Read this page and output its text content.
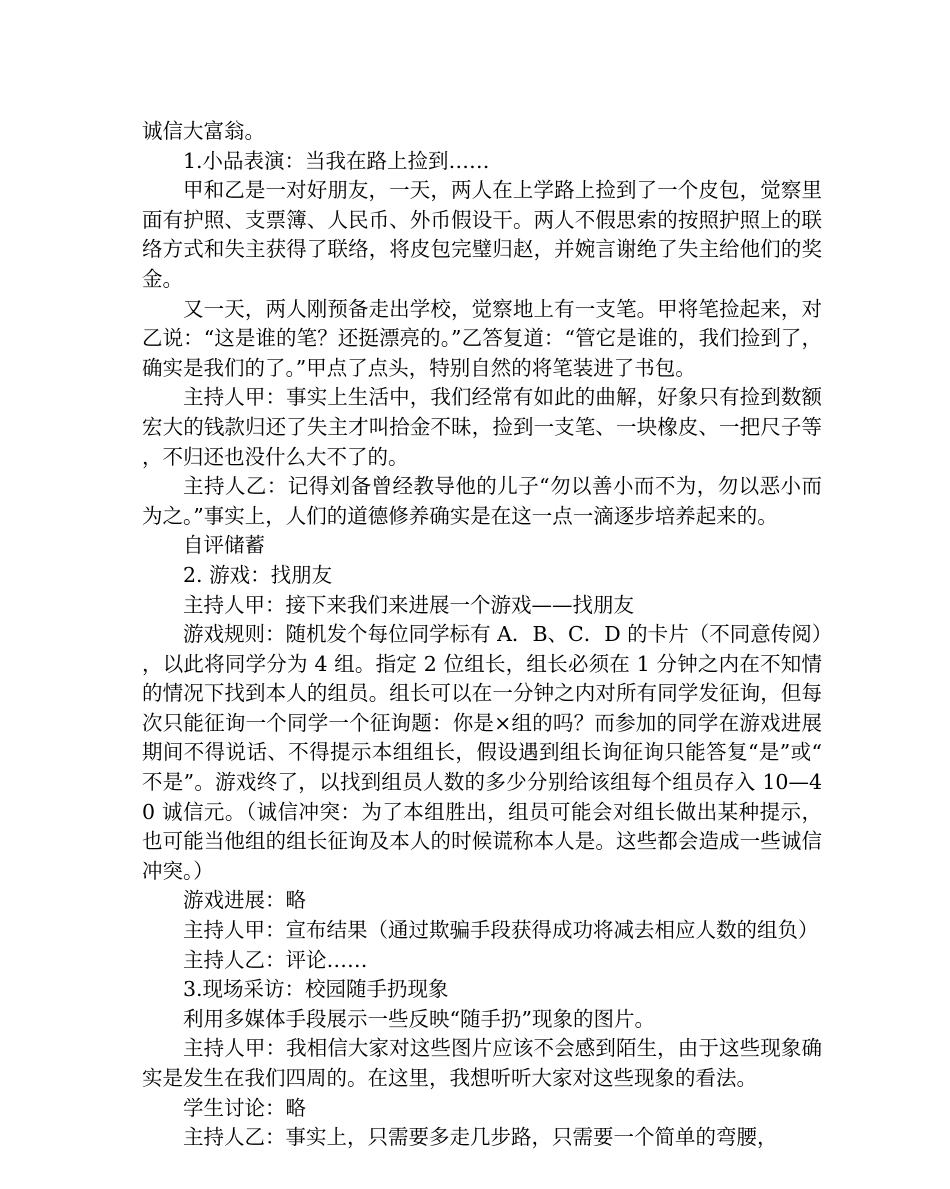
诚信大富翁。

1.小品表演：当我在路上捡到……

甲和乙是一对好朋友，一天，两人在上学路上捡到了一个皮包，觉察里面有护照、支票簿、人民币、外币假设干。两人不假思索的按照护照上的联络方式和失主获得了联络，将皮包完璧归赵，并婉言谢绝了失主给他们的奖金。

又一天，两人刚预备走出学校，觉察地上有一支笔。甲将笔捡起来，对乙说：“这是谁的笔？还挺漂亮的。”乙答复道：“管它是谁的，我们捡到了，确实是我们的了。”甲点了点头，特别自然的将笔装进了书包。

主持人甲：事实上生活中，我们经常有如此的曲解，好象只有捡到数额宏大的钱款归还了失主才叫拾金不昧，捡到一支笔、一块橡皮、一把尺子等，不归还也没什么大不了的。

主持人乙：记得刘备曾经教导他的儿子“勿以善小而不为，勿以恶小而为之。”事实上，人们的道德修养确实是在这一点一滴逐步培养起来的。

自评储蓄

2. 游戏：找朋友

主持人甲：接下来我们来进展一个游戏——找朋友

游戏规则：随机发个每位同学标有 A．B、C．D 的卡片（不同意传阅），以此将同学分为 4 组。指定 2 位组长，组长必须在 1 分钟之内在不知情的情况下找到本人的组员。组长可以在一分钟之内对所有同学发征询，但每次只能征询一个同学一个征询题：你是×组的吗？而参加的同学在游戏进展期间不得说话、不得提示本组组长，假设遇到组长询征询只能答复“是”或“不是”。游戏终了，以找到组员人数的多少分别给该组每个组员存入 10—40 诚信元。（诚信冲突：为了本组胜出，组员可能会对组长做出某种提示，也可能当他组的组长征询及本人的时候谎称本人是。这些都会造成一些诚信冲突。）

游戏进展：略

主持人甲：宣布结果（通过欺骗手段获得成功将减去相应人数的组负）

主持人乙：评论……

3.现场采访：校园随手扔现象

利用多媒体手段展示一些反映“随手扔”现象的图片。

主持人甲：我相信大家对这些图片应该不会感到陌生，由于这些现象确实是发生在我们四周的。在这里，我想听听大家对这些现象的看法。

学生讨论：略

主持人乙：事实上，只需要多走几步路，只需要一个简单的弯腰，
